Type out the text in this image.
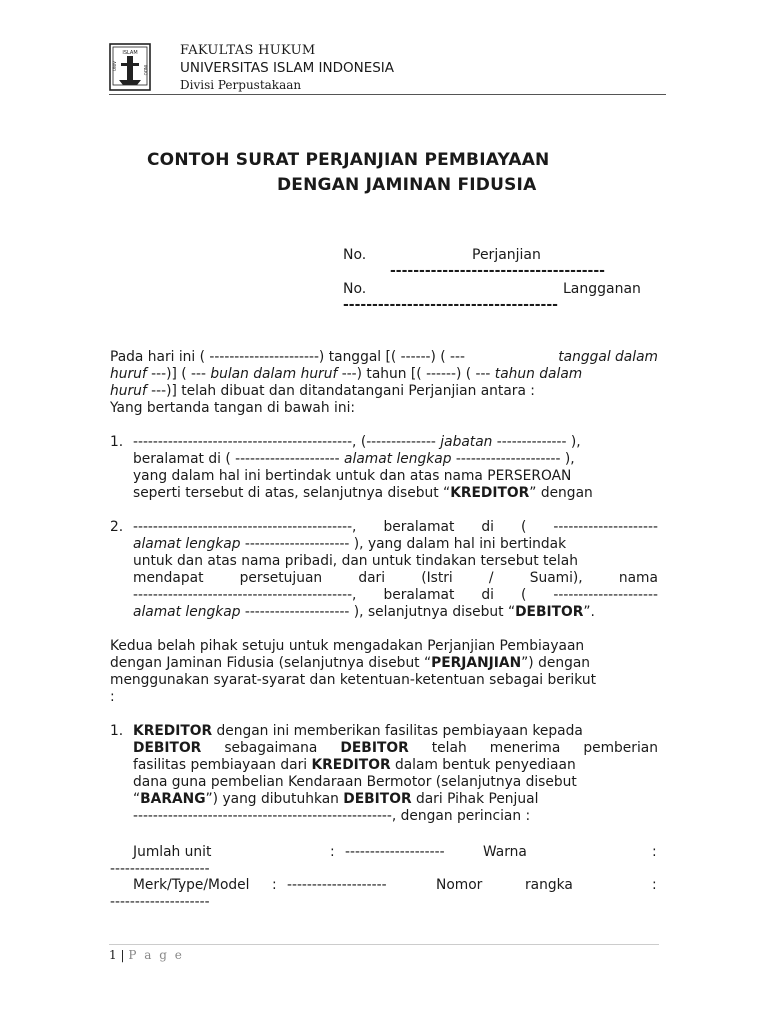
ISLAM
UNIV	INDO
FAKULTAS HUKUM
UNIVERSITAS ISLAM INDONESIA
Divisi Perpustakaan
CONTOH SURAT PERJANJIAN PEMBIAYAAN
DENGAN JAMINAN FIDUSIA
No.	Perjanjian
-------------------------------------
No.	Langganan
-------------------------------------
Pada hari ini ( ----------------------) tanggal [( ------) ( ---	tanggal dalam
huruf ---)] ( --- bulan dalam huruf ---) tahun [( ------) ( --- tahun dalam
huruf ---)] telah dibuat dan ditandatangani Perjanjian antara :
Yang bertanda tangan di bawah ini:
1. --------------------------------------------, (-------------- jabatan -------------- ),
beralamat di ( --------------------- alamat lengkap --------------------- ),
yang dalam hal ini bertindak untuk dan atas nama PERSEROAN
seperti tersebut di atas, selanjutnya disebut “KREDITOR” dengan
2. --------------------------------------------, beralamat di ( ---------------------
alamat lengkap --------------------- ), yang dalam hal ini bertindak
untuk dan atas nama pribadi, dan untuk tindakan tersebut telah
mendapat	persetujuan	dari	(Istri	/	Suami),	nama
--------------------------------------------, beralamat di ( ---------------------
alamat lengkap --------------------- ), selanjutnya disebut “DEBITOR”.
Kedua belah pihak setuju untuk mengadakan Perjanjian Pembiayaan
dengan Jaminan Fidusia (selanjutnya disebut “PERJANJIAN”) dengan
menggunakan syarat-syarat dan ketentuan-ketentuan sebagai berikut
:
1. KREDITOR dengan ini memberikan fasilitas pembiayaan kepada
DEBITOR sebagaimana DEBITOR telah menerima pemberian
fasilitas pembiayaan dari KREDITOR dalam bentuk penyediaan
dana guna pembelian Kendaraan Bermotor (selanjutnya disebut
“BARANG”) yang dibutuhkan DEBITOR dari Pihak Penjual
----------------------------------------------------, dengan perincian :
Jumlah unit	: --------------------	Warna	:
--------------------
Merk/Type/Model : --------------------	Nomor	rangka	:
--------------------
1 | P a g e
